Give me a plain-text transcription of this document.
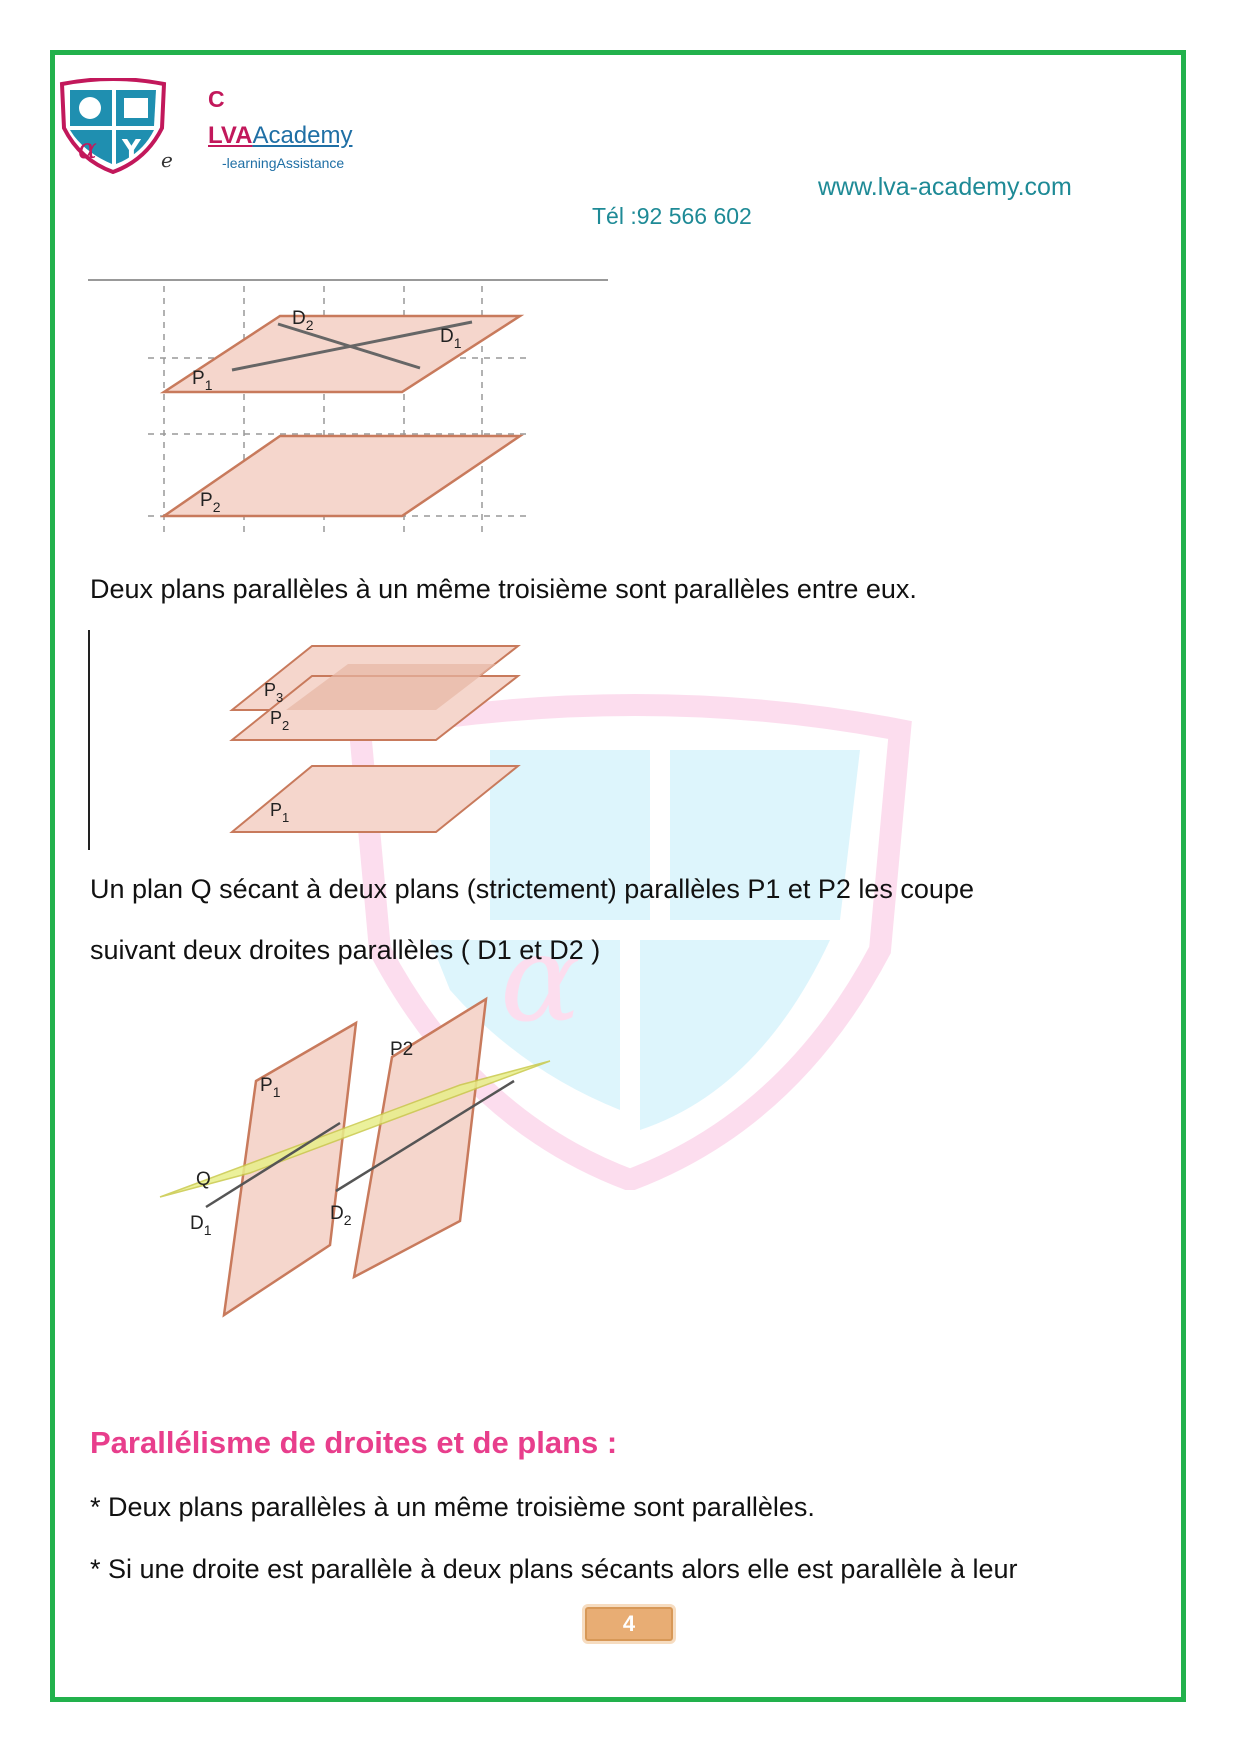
α
α Y e
C
LVAAcademy
-learningAssistance
www.lva-academy.com
Tél :92 566 602
$D_2$
$D_1$
$P_1$
$P_2$
Deux plans parallèles à un même troisième sont parallèles entre eux.
$P_3$
$P_2$
$P_1$
Un plan Q sécant à deux plans (strictement) parallèles P1 et P2 les coupe
suivant deux droites parallèles ( D1 et D2 )
$P_1$
P2
Q
$D_2$
$D_1$
Parallélisme de droites et de plans :
* Deux plans parallèles à un même troisième sont parallèles.
* Si une droite est parallèle à deux plans sécants alors elle est parallèle à leur
4
